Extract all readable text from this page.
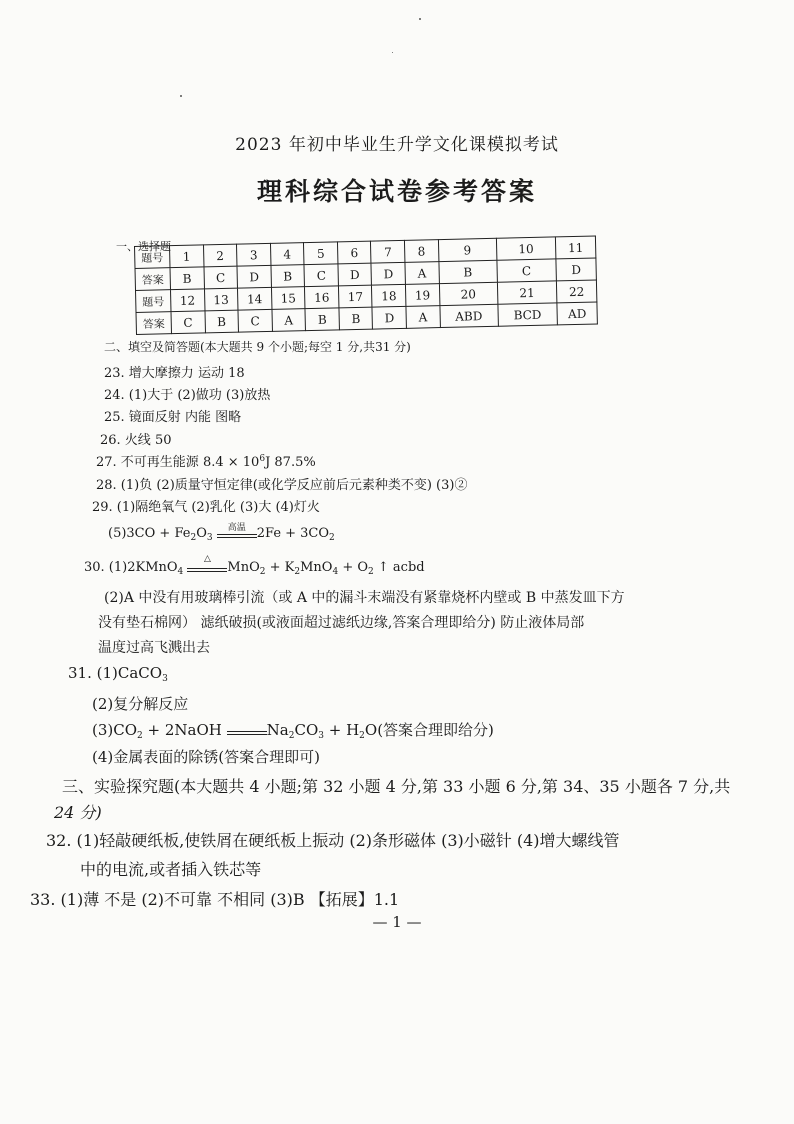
2023 年初中毕业生升学文化课模拟考试
理科综合试卷参考答案
一、选择题
题号	1	2	3	4	5	6	7	8	9	10	11
答案	B	C	D	B	C	D	D	A	B	C	D
题号	12	13	14	15	16	17	18	19	20	21	22
答案	C	B	C	A	B	B	D	A	ABD	BCD	AD
二、填空及简答题(本大题共 9 个小题;每空 1 分,共31 分)
23. 增大摩擦力 运动 18
24. (1)大于 (2)做功 (3)放热
25. 镜面反射 内能 图略
26. 火线 50
27. 不可再生能源 $8.4 \times 10^6J$ 87.5%
28. (1)负 (2)质量守恒定律(或化学反应前后元素种类不变) (3)②
29. (1)隔绝氧气 (2)乳化 (3)大 (4)灯火
$(5)3CO + Fe_2O_3$
高温 $2Fe + 3CO_2$
30. (1)2KMnO$_4$
△
$MnO_2 + K_2MnO_4 + O_2$ ↑ acbd
(2)A 中没有用玻璃棒引流（或 A 中的漏斗末端没有紧靠烧杯内壁或 B 中蒸发皿下方
没有垫石棉网） 滤纸破损(或液面超过滤纸边缘,答案合理即给分) 防止液体局部
温度过高飞溅出去
31. (1)CaCO$_3$
(2)复分解反应
$(3)CO_2$ + 2NaOH	$Na_2CO_3 + H_2O$(答案合理即给分)
(4)金属表面的除锈(答案合理即可)
三、实验探究题(本大题共 4 小题;第 32 小题 4 分,第 33 小题 6 分,第 34、35 小题各 7 分,共
24 分)
32. (1)轻敲硬纸板,使铁屑在硬纸板上振动 (2)条形磁体 (3)小磁针 (4)增大螺线管
中的电流,或者插入铁芯等
33. (1)薄 不是 (2)不可靠 不相同 (3)B 【拓展】1.1
— 1 —
